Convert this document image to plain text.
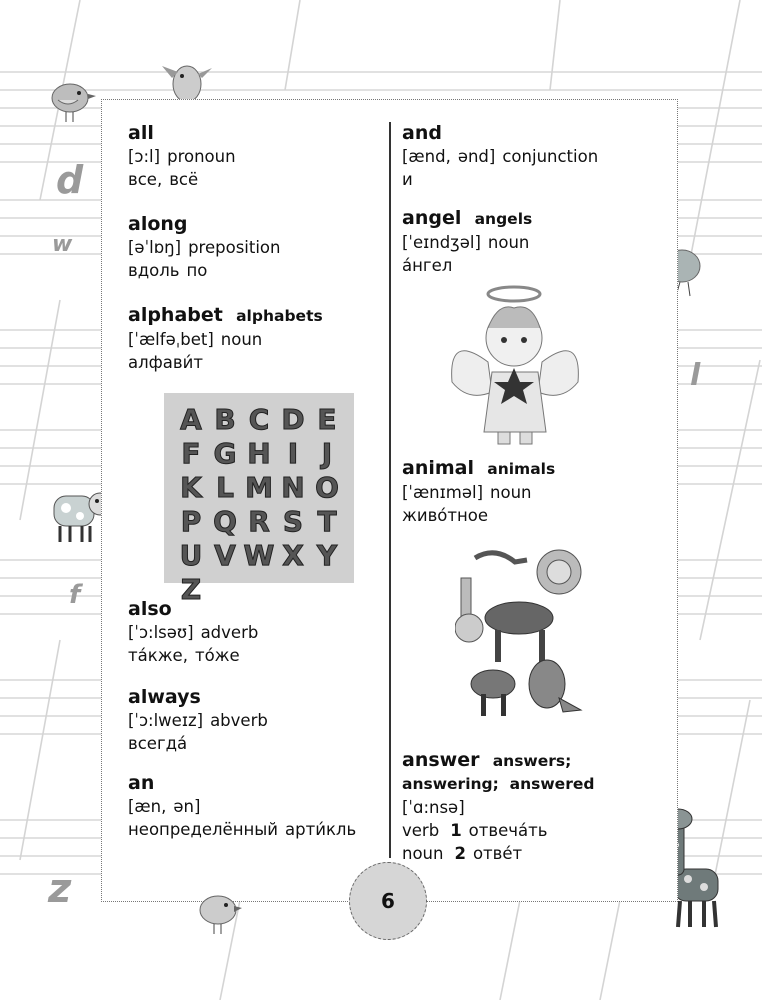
d
w
f
z
l
all
[ɔ:l] pronoun
все, всё
along
[əˈlɒŋ] preposition
вдоль по
alphabet alphabets
[ˈælfəˌbet] noun
алфави́т
A B C D E
F G H I J
K L M N O
P Q R S T
U V W X Y
Z
also
[ˈɔ:lsəʊ] adverb
та́кже, то́же
always
[ˈɔ:lweɪz] abverb
всегда́
an
[æn, ən]
неопределённый арти́кль
and
[ænd, ənd] conjunction
и
angel angels
[ˈeɪndʒəl] noun
а́нгел
animal animals
[ˈænɪməl] noun
живо́тное
answer answers;
answering; answered
[ˈɑ:nsə]
verb 1 отвеча́ть
noun 2 отве́т
6
